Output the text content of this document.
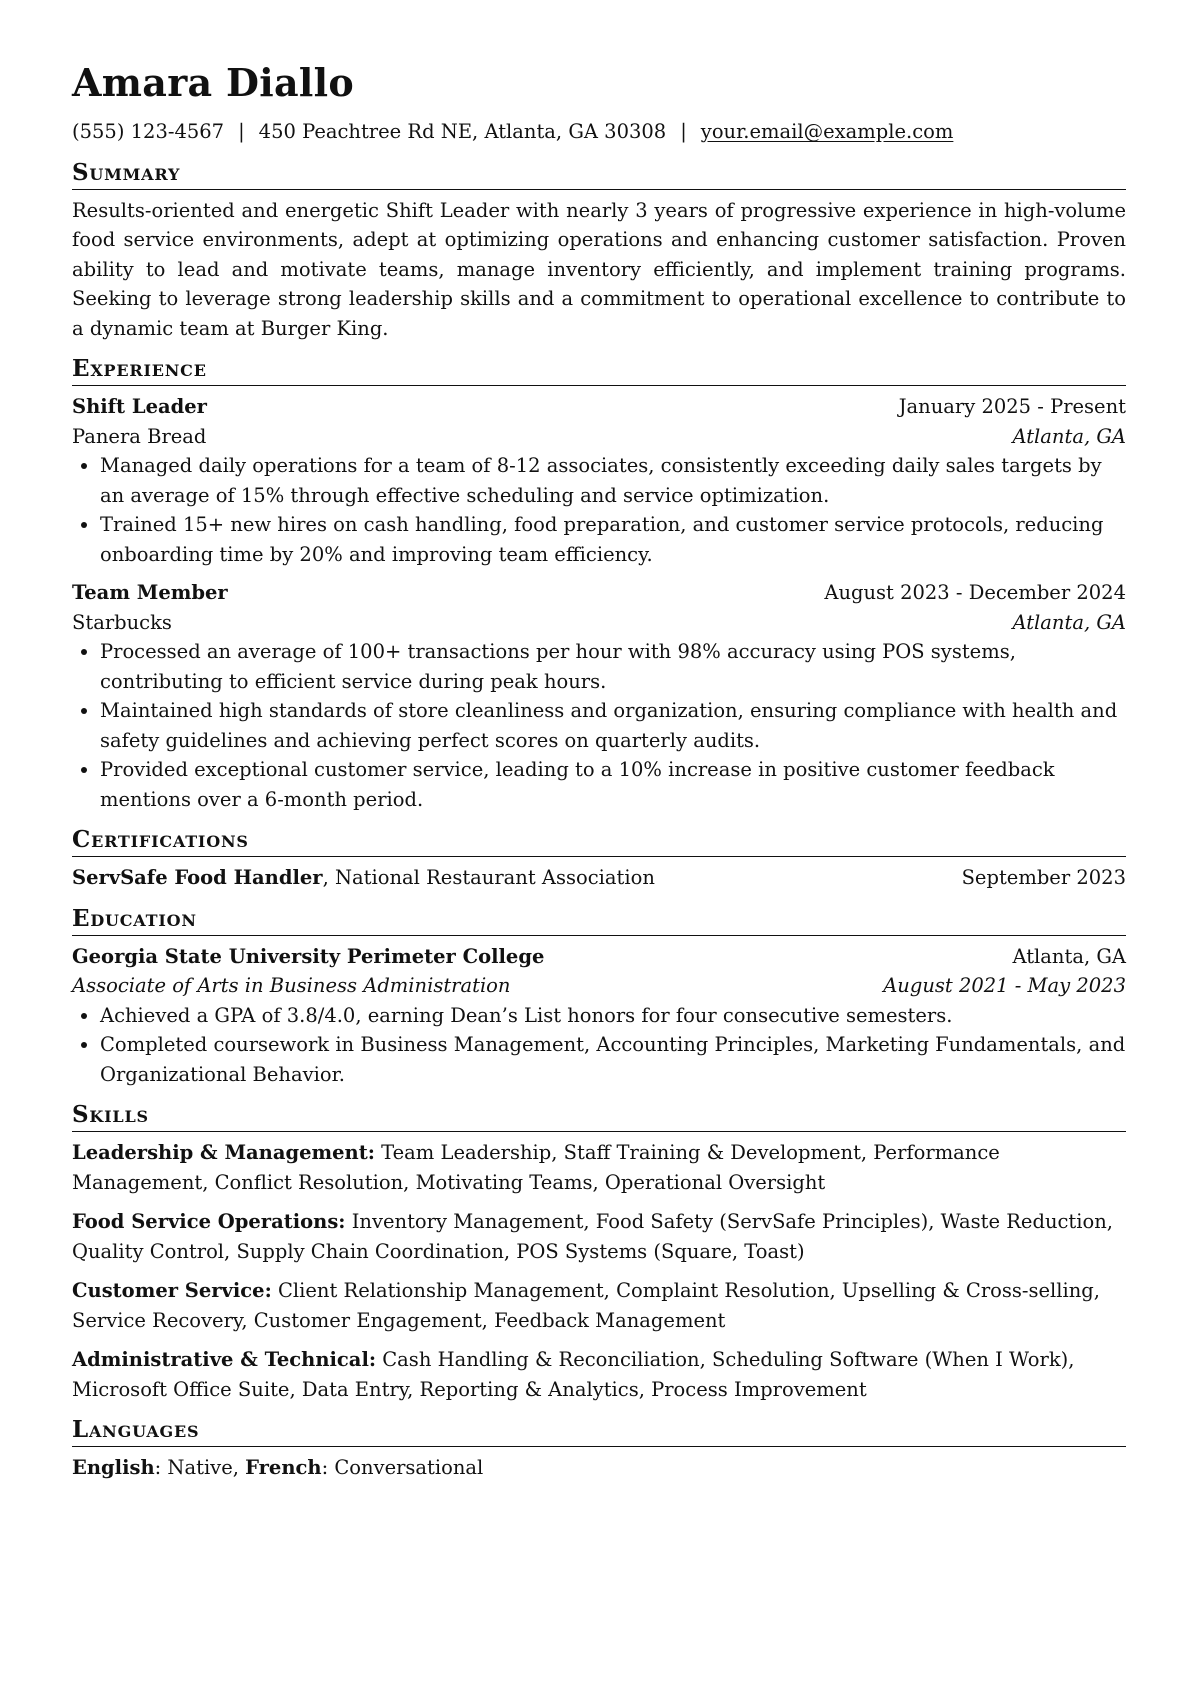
Amara Diallo
(555) 123-4567 | 450 Peachtree Rd NE, Atlanta, GA 30308 | your.email@example.com
Summary

Results-oriented and energetic Shift Leader with nearly 3 years of progressive experience in high-volume food service environments, adept at optimizing operations and enhancing customer satisfaction. Proven ability to lead and motivate teams, manage inventory efficiently, and implement training programs. Seeking to leverage strong leadership skills and a commitment to operational excellence to contribute to a dynamic team at Burger King.

Experience
Shift Leader	January 2025 - Present
Panera Bread	Atlanta, GA
• Managed daily operations for a team of 8-12 associates, consistently exceeding daily sales targets by an average of 15% through effective scheduling and service optimization.
• Trained 15+ new hires on cash handling, food preparation, and customer service protocols, reducing onboarding time by 20% and improving team efficiency.
Team Member	August 2023 - December 2024
Starbucks	Atlanta, GA
• Processed an average of 100+ transactions per hour with 98% accuracy using POS systems, contributing to efficient service during peak hours.
• Maintained high standards of store cleanliness and organization, ensuring compliance with health and safety guidelines and achieving perfect scores on quarterly audits.
• Provided exceptional customer service, leading to a 10% increase in positive customer feedback mentions over a 6-month period.
Certifications
ServSafe Food Handler, National Restaurant Association	September 2023
Education
Georgia State University Perimeter College	Atlanta, GA
Associate of Arts in Business Administration	August 2021 - May 2023
• Achieved a GPA of 3.8/4.0, earning Dean’s List honors for four consecutive semesters.
• Completed coursework in Business Management, Accounting Principles, Marketing Fundamentals, and Organizational Behavior.
Skills
Leadership & Management: Team Leadership, Staff Training & Development, Performance Management, Conflict Resolution, Motivating Teams, Operational Oversight
Food Service Operations: Inventory Management, Food Safety (ServSafe Principles), Waste Reduction, Quality Control, Supply Chain Coordination, POS Systems (Square, Toast)
Customer Service: Client Relationship Management, Complaint Resolution, Upselling & Cross-selling, Service Recovery, Customer Engagement, Feedback Management
Administrative & Technical: Cash Handling & Reconciliation, Scheduling Software (When I Work), Microsoft Office Suite, Data Entry, Reporting & Analytics, Process Improvement
Languages
English: Native, French: Conversational
